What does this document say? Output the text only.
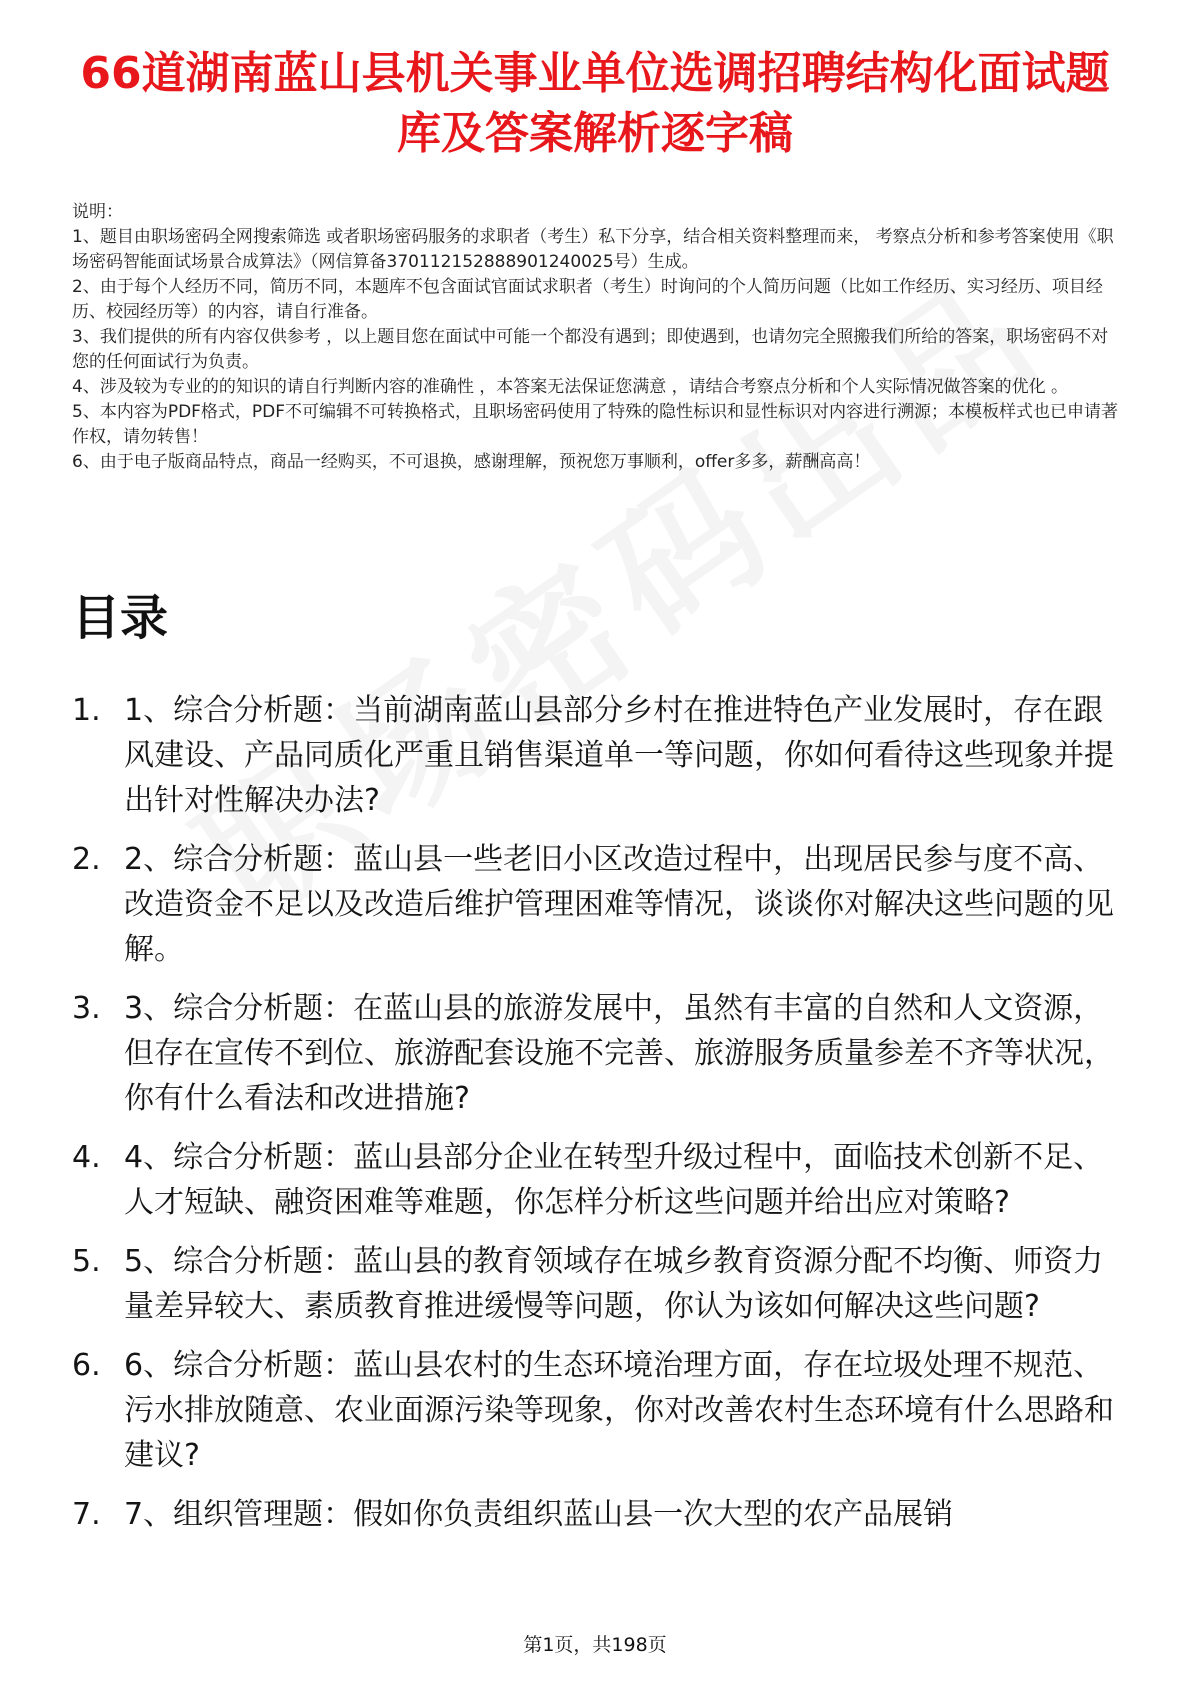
66道湖南蓝山县机关事业单位选调招聘结构化面试题库及答案解析逐字稿

说明：

1、题目由职场密码全网搜索筛选 或者职场密码服务的求职者（考生）私下分享，结合相关资料整理而来， 考察点分析和参考答案使用《职场密码智能面试场景合成算法》（网信算备370112152888901240025号）生成。

2、由于每个人经历不同，简历不同，本题库不包含面试官面试求职者（考生）时询问的个人简历问题（比如工作经历、实习经历、项目经历、校园经历等）的内容，请自行准备。

3、我们提供的所有内容仅供参考 ，以上题目您在面试中可能一个都没有遇到；即使遇到，也请勿完全照搬我们所给的答案，职场密码不对您的任何面试行为负责。

4、涉及较为专业的的知识的请自行判断内容的准确性 ，本答案无法保证您满意 ，请结合考察点分析和个人实际情况做答案的优化 。

5、本内容为PDF格式，PDF不可编辑不可转换格式，且职场密码使用了特殊的隐性标识和显性标识对内容进行溯源；本模板样式也已申请著作权，请勿转售！

6、由于电子版商品特点，商品一经购买，不可退换，感谢理解，预祝您万事顺利，offer多多，薪酬高高！

目录
1. 1、综合分析题：当前湖南蓝山县部分乡村在推进特色产业发展时，存在跟风建设、产品同质化严重且销售渠道单一等问题，你如何看待这些现象并提出针对性解决办法?
2. 2、综合分析题：蓝山县一些老旧小区改造过程中，出现居民参与度不高、改造资金不足以及改造后维护管理困难等情况，谈谈你对解决这些问题的见解。
3. 3、综合分析题：在蓝山县的旅游发展中，虽然有丰富的自然和人文资源，但存在宣传不到位、旅游配套设施不完善、旅游服务质量参差不齐等状况，你有什么看法和改进措施?
4. 4、综合分析题：蓝山县部分企业在转型升级过程中，面临技术创新不足、人才短缺、融资困难等难题，你怎样分析这些问题并给出应对策略?
5. 5、综合分析题：蓝山县的教育领域存在城乡教育资源分配不均衡、师资力量差异较大、素质教育推进缓慢等问题，你认为该如何解决这些问题?
6. 6、综合分析题：蓝山县农村的生态环境治理方面，存在垃圾处理不规范、污水排放随意、农业面源污染等现象，你对改善农村生态环境有什么思路和建议?
7. 7、组织管理题：假如你负责组织蓝山县一次大型的农产品展销
第1页，共198页
